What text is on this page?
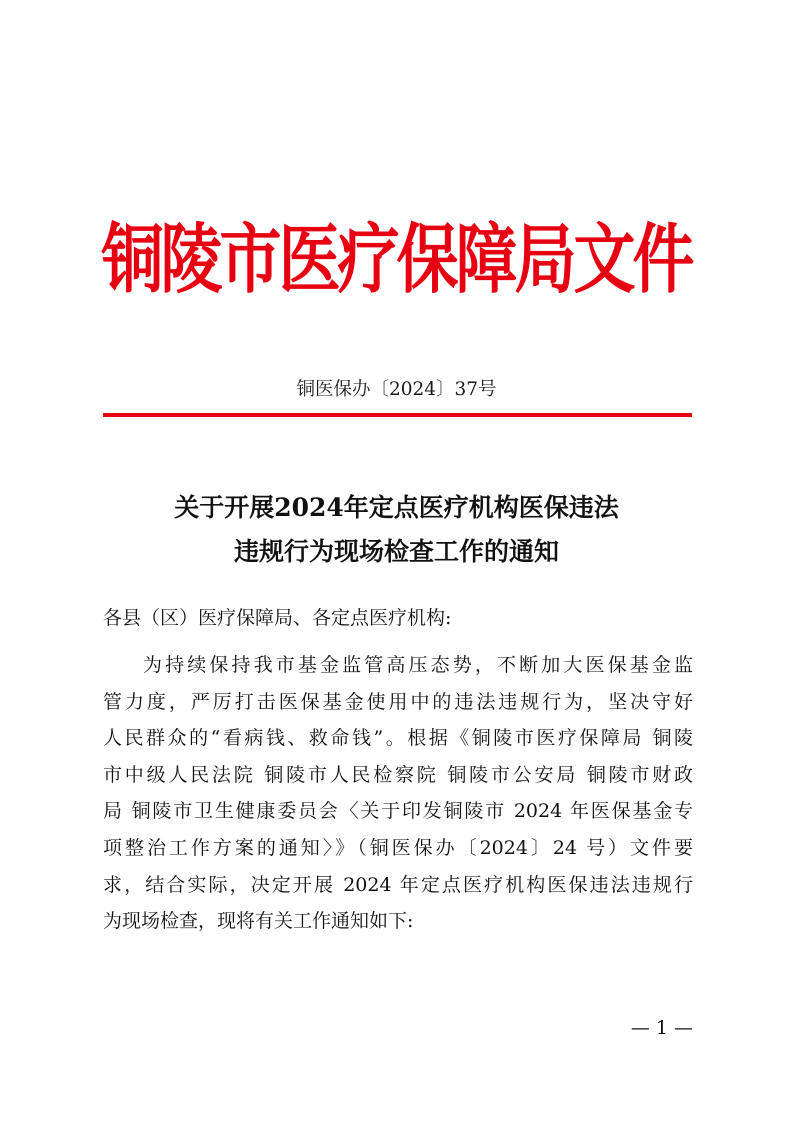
铜陵市医疗保障局文件
铜医保办〔2024〕37号
关于开展2024年定点医疗机构医保违法
违规行为现场检查工作的通知
各县（区）医疗保障局、各定点医疗机构:
为持续保持我市基金监管高压态势，不断加大医保基金监
管力度，严厉打击医保基金使用中的违法违规行为，坚决守好
人民群众的“看病钱、救命钱”。根据《铜陵市医疗保障局 铜陵
市中级人民法院 铜陵市人民检察院 铜陵市公安局 铜陵市财政
局 铜陵市卫生健康委员会〈关于印发铜陵市 2024 年医保基金专
项整治工作方案的通知〉》（铜医保办〔2024〕24 号）文件要
求，结合实际，决定开展 2024 年定点医疗机构医保违法违规行
为现场检查，现将有关工作通知如下:
— 1 —
